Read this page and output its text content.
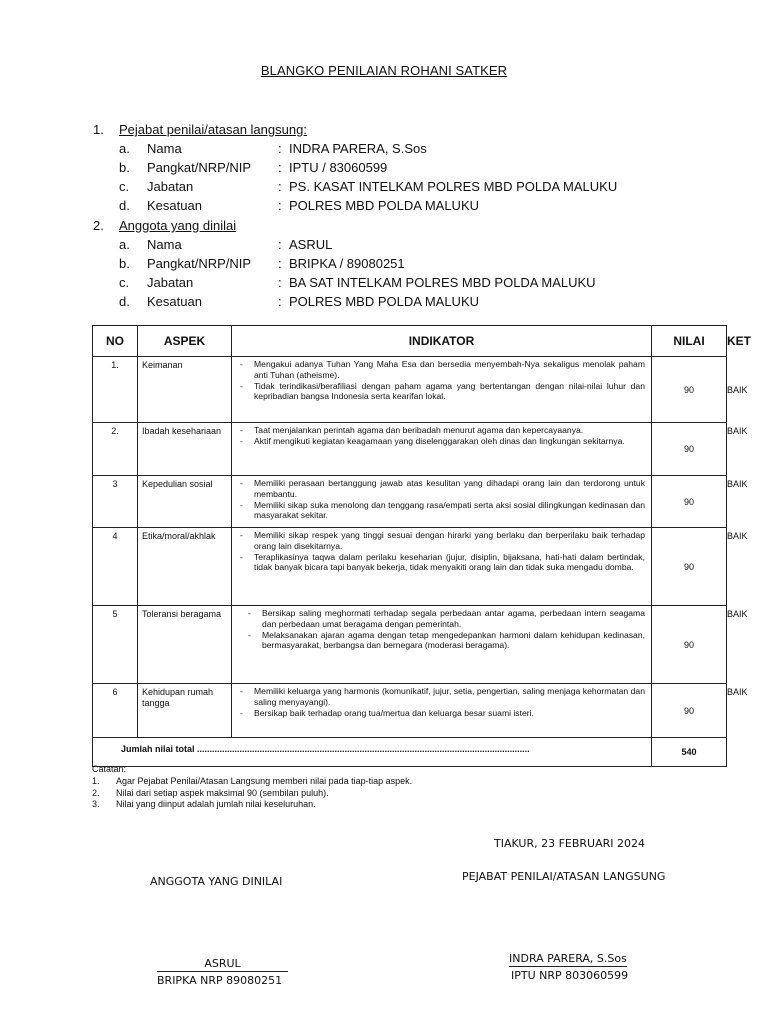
BLANGKO PENILAIAN ROHANI SATKER
1. Pejabat penilai/atasan langsung:
a. Nama	: INDRA PARERA, S.Sos
b. Pangkat/NRP/NIP : IPTU / 83060599
c. Jabatan	: PS. KASAT INTELKAM POLRES MBD POLDA MALUKU
d. Kesatuan	: POLRES MBD POLDA MALUKU
2. Anggota yang dinilai
a. Nama	: ASRUL
b. Pangkat/NRP/NIP : BRIPKA / 89080251
c. Jabatan	: BA SAT INTELKAM POLRES MBD POLDA MALUKU
d. Kesatuan	: POLRES MBD POLDA MALUKU
NO	ASPEK	INDIKATOR	NILAI	KET
1.	Keimanan	- Mengakui adanya Tuhan Yang Maha Esa dan bersedia menyembah-Nya sekaligus menolak paham anti Tuhan (atheisme).
- Tidak terindikasi/berafiliasi dengan paham agama yang bertentangan dengan nilai-nilai luhur dan kepribadian bangsa Indonesia serta kearifan lokal.	90	BAIK
2.	Ibadah kesehariaan	- Taat menjalankan perintah agama dan beribadah menurut agama dan kepercayaanya.
- Aktif mengikuti kegiatan keagamaan yang diselenggarakan oleh dinas dan lingkungan sekitarnya.	90	BAIK
3	Kepedulian sosial	- Memiliki perasaan bertanggung jawab atas kesulitan yang dihadapi orang lain dan terdorong untuk membantu.
- Memiliki sikap suka menolong dan tenggang rasa/empati serta aksi sosial dilingkungan kedinasan dan masyarakat sekitar.	90	BAIK
4	Etika/moral/akhlak	- Memiliki sikap respek yang tinggi sesuai dengan hirarki yang berlaku dan berperilaku baik terhadap orang lain disekitarnya.
- Teraplikasinya taqwa dalam perilaku keseharian (jujur, disiplin, bijaksana, hati-hati dalam bertindak, tidak banyak bicara tapi banyak bekerja, tidak menyakiti orang lain dan tidak suka mengadu domba.	90	BAIK
5	Toleransi beragama	- Bersikap saling meghormati terhadap segala perbedaan antar agama, perbedaan intern seagama dan perbedaan umat beragama dengan pemerintah.
- Melaksanakan ajaran agama dengan tetap mengedepankan harmoni dalam kehidupan kedinasan, bermasyarakat, berbangsa dan bernegara (moderasi beragama).	90	BAIK
6	Kehidupan rumah tangga	- Memiliki keluarga yang harmonis (komunikatif, jujur, setia, pengertian, saling menjaga kehormatan dan saling menyayangi).
- Bersikap baik terhadap orang tua/mertua dan keluarga besar suami isteri.	90	BAIK
Jumlah nilai total .....................................................................................................................................			540	
Catatan:
1.	Agar Pejabat Penilai/Atasan Langsung memberi nilai pada tiap-tiap aspek.
2.	Nilai dari setiap aspek maksimal 90 (sembilan puluh).
3.	Nilai yang diinput adalah jumlah nilai keseluruhan.
TIAKUR, 23 FEBRUARI 2024
ANGGOTA YANG DINILAI	PEJABAT PENILAI/ATASAN LANGSUNG
ASRUL
BRIPKA NRP 89080251
INDRA PARERA, S.Sos
IPTU NRP 803060599
